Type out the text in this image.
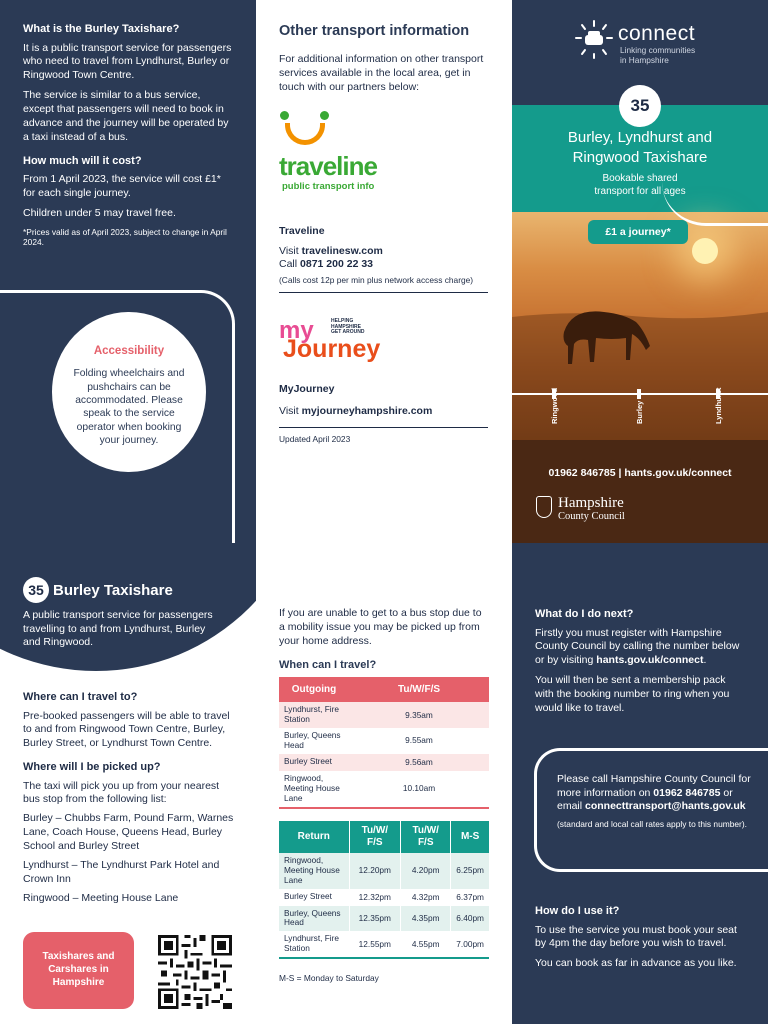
What is the Burley Taxishare?

It is a public transport service for passengers who need to travel from Lyndhurst, Burley or Ringwood Town Centre.

The service is similar to a bus service, except that passengers will need to book in advance and the journey will be operated by a taxi instead of a bus.

How much will it cost?

From 1 April 2023, the service will cost £1* for each single journey.

Children under 5 may travel free.

*Prices valid as of April 2023, subject to change in April 2024.

Accessibility
Folding wheelchairs and pushchairs can be accommodated. Please speak to the service operator when booking your journey.
Other transport information

For additional information on other transport services available in the local area, get in touch with our partners below:

traveline
public transport info
Traveline
Visit travelinesw.com
Call 0871 200 22 33
(Calls cost 12p per min plus network access charge)
my	HELPING HAMPSHIRE GET AROUND
Journey
MyJourney
Visit myjourneyhampshire.com
Updated April 2023
connect
Linking communities in Hampshire
Burley, Lyndhurst and Ringwood Taxishare
Bookable shared transport for all ages
35
£1 a journey*
Ringwood	Burley	Lyndhurst
01962 846785 | hants.gov.uk/connect
Hampshire
County Council
35 Burley Taxishare
A public transport service for passengers travelling to and from Lyndhurst, Burley and Ringwood.
Where can I travel to?

Pre-booked passengers will be able to travel to and from Ringwood Town Centre, Burley, Burley Street, or Lyndhurst Town Centre.

Where will I be picked up?

The taxi will pick you up from your nearest bus stop from the following list:

Burley – Chubbs Farm, Pound Farm, Warnes Lane, Coach House, Queens Head, Burley School and Burley Street

Lyndhurst – The Lyndhurst Park Hotel and Crown Inn

Ringwood – Meeting House Lane

Taxishares and Carshares in Hampshire

If you are unable to get to a bus stop due to a mobility issue you may be picked up from your home address.

When can I travel?
Outgoing	Tu/W/F/S
Lyndhurst, Fire Station	9.35am
Burley, Queens Head	9.55am
Burley Street	9.56am
Ringwood, Meeting House Lane	10.10am
Return	Tu/W/ F/S	Tu/W/ F/S	M-S
Ringwood, Meeting House Lane	12.20pm	4.20pm	6.25pm
Burley Street	12.32pm	4.32pm	6.37pm
Burley, Queens Head	12.35pm	4.35pm	6.40pm
Lyndhurst, Fire Station	12.55pm	4.55pm	7.00pm
M-S = Monday to Saturday
What do I do next?

Firstly you must register with Hampshire County Council by calling the number below or by visiting hants.gov.uk/connect.

You will then be sent a membership pack with the booking number to ring when you would like to travel.

Please call Hampshire County Council for more information on 01962 846785 or email connecttransport@hants.gov.uk
(standard and local call rates apply to this number).
How do I use it?

To use the service you must book your seat by 4pm the day before you wish to travel.

You can book as far in advance as you like.
